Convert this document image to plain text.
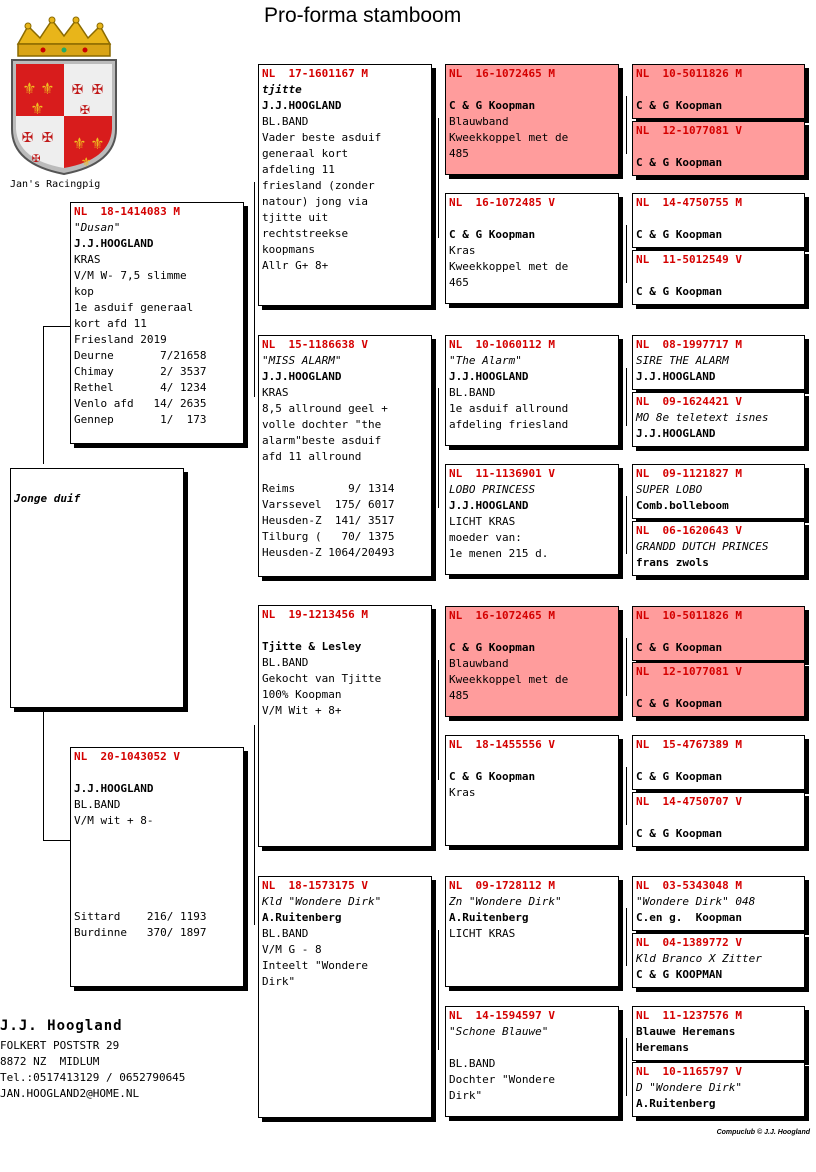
Pro-forma stamboom
⚜ ⚜
⚜
⚜ ⚜
⚜
✠ ✠
✠
✠ ✠
✠
Jan's Racingpig
Jonge duif
NL  18-1414083 M
"Dusan"
J.J.HOOGLAND
KRAS
V/M W- 7,5 slimme
kop
1e asduif generaal
kort afd 11
Friesland 2019
Deurne       7/21658
Chimay       2/ 3537
Rethel       4/ 1234
Venlo afd   14/ 2635
Gennep       1/  173
NL  20-1043052 V
J.J.HOOGLAND
BL.BAND
V/M wit + 8-
Sittard    216/ 1193
Burdinne   370/ 1897
NL  17-1601167 M
tjitte
J.J.HOOGLAND
BL.BAND
Vader beste asduif
generaal kort
afdeling 11
friesland (zonder
natour) jong via
tjitte uit
rechtstreekse
koopmans
Allr G+ 8+
NL  15-1186638 V
"MISS ALARM"
J.J.HOOGLAND
KRAS
8,5 allround geel +
volle dochter "the
alarm"beste asduif
afd 11 allround
Reims        9/ 1314
Varssevel  175/ 6017
Heusden-Z  141/ 3517
Tilburg (   70/ 1375
Heusden-Z 1064/20493
NL  19-1213456 M
Tjitte & Lesley
BL.BAND
Gekocht van Tjitte
100% Koopman
V/M Wit + 8+
NL  18-1573175 V
Kld "Wondere Dirk"
A.Ruitenberg
BL.BAND
V/M G - 8
Inteelt "Wondere
Dirk"
NL  16-1072465 M
C & G Koopman
Blauwband
Kweekkoppel met de
485
NL  16-1072485 V
C & G Koopman
Kras
Kweekkoppel met de
465
NL  10-1060112 M
"The Alarm"
J.J.HOOGLAND
BL.BAND
1e asduif allround
afdeling friesland
NL  11-1136901 V
LOBO PRINCESS
J.J.HOOGLAND
LICHT KRAS
moeder van:
1e menen 215 d.
NL  16-1072465 M
C & G Koopman
Blauwband
Kweekkoppel met de
485
NL  18-1455556 V
C & G Koopman
Kras
NL  09-1728112 M
Zn "Wondere Dirk"
A.Ruitenberg
LICHT KRAS
NL  14-1594597 V
"Schone Blauwe"
BL.BAND
Dochter "Wondere
Dirk"
NL  10-5011826 M
C & G Koopman
NL  12-1077081 V
C & G Koopman
NL  14-4750755 M
C & G Koopman
NL  11-5012549 V
C & G Koopman
NL  08-1997717 M
SIRE THE ALARM
J.J.HOOGLAND
NL  09-1624421 V
MO 8e teletext isnes
J.J.HOOGLAND
NL  09-1121827 M
SUPER LOBO
Comb.bolleboom
NL  06-1620643 V
GRANDD DUTCH PRINCES
frans zwols
NL  10-5011826 M
C & G Koopman
NL  12-1077081 V
C & G Koopman
NL  15-4767389 M
C & G Koopman
NL  14-4750707 V
C & G Koopman
NL  03-5343048 M
"Wondere Dirk" 048
C.en g.  Koopman
NL  04-1389772 V
Kld Branco X Zitter
C & G KOOPMAN
NL  11-1237576 M
Blauwe Heremans
Heremans
NL  10-1165797 V
D "Wondere Dirk"
A.Ruitenberg
J.J. Hoogland
FOLKERT POSTSTR 29
8872 NZ  MIDLUM
Tel.:0517413129 / 0652790645
JAN.HOOGLAND2@HOME.NL
Compuclub © J.J. Hoogland
